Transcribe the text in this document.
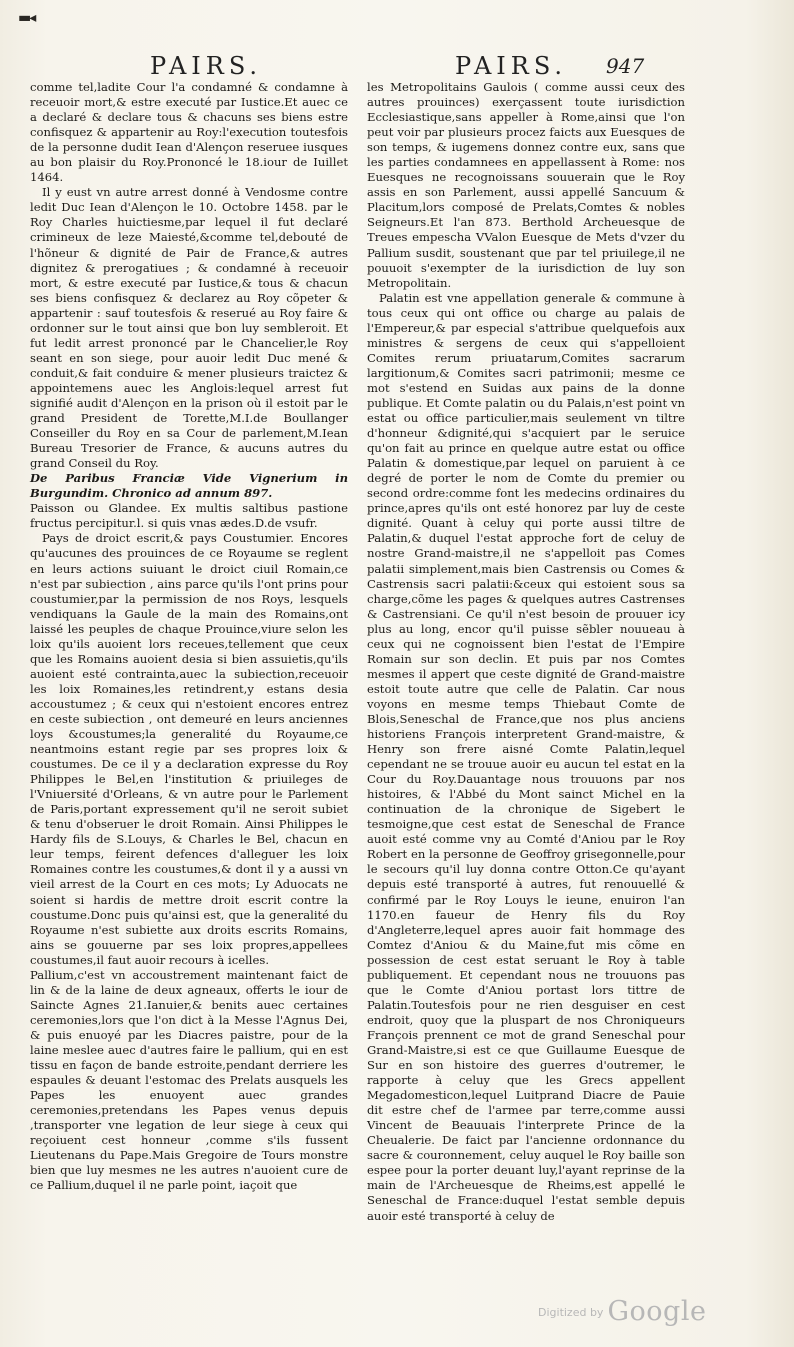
▬◂
PAIRS.	PAIRS. 947

comme tel,ladite Cour l'a condamné & condamne à receuoir mort,& estre executé par Iustice.Et auec ce a declaré & declare tous & chacuns ses biens estre confisquez & appartenir au Roy:l'execution toutesfois de la personne dudit Iean d'Alençon reseruee iusques au bon plaisir du Roy.Prononcé le 18.iour de Iuillet 1464.

Il y eust vn autre arrest donné à Vendosme contre ledit Duc Iean d'Alençon le 10. Octobre 1458. par le Roy Charles huictiesme,par lequel il fut declaré crimineux de leze Maiesté,&comme tel,debouté de l'hõneur & dignité de Pair de France,& autres dignitez & prerogatiues ; & condamné à receuoir mort, & estre executé par Iustice,& tous & chacun ses biens confisquez & declarez au Roy cõpeter & appartenir : sauf toutesfois & reserué au Roy faire & ordonner sur le tout ainsi que bon luy sembleroit. Et fut ledit arrest prononcé par le Chancelier,le Roy seant en son siege, pour auoir ledit Duc mené & conduit,& fait conduire & mener plusieurs traictez & appointemens auec les Anglois:lequel arrest fut signifié audit d'Alençon en la prison où il estoit par le grand President de Torette,M.I.de Boullanger Conseiller du Roy en sa Cour de parlement,M.Iean Bureau Tresorier de France, & aucuns autres du grand Conseil du Roy.

De Paribus Franciæ Vide Vignerium in Burgundim. Chronico ad annum 897.

Paisson ou Glandee. Ex multis saltibus pastione fructus percipitur.l. si quis vnas ædes.D.de vsufr.

Pays de droict escrit,& pays Coustumier. Encores qu'aucunes des prouinces de ce Royaume se reglent en leurs actions suiuant le droict ciuil Romain,ce n'est par subiection , ains parce qu'ils l'ont prins pour coustumier,par la permission de nos Roys, lesquels vendiquans la Gaule de la main des Romains,ont laissé les peuples de chaque Prouince,viure selon les loix qu'ils auoient lors receues,tellement que ceux que les Romains auoient desia si bien assuietis,qu'ils auoient esté contrainta,auec la subiection,receuoir les loix Romaines,les retindrent,y estans desia accoustumez ; & ceux qui n'estoient encores entrez en ceste subiection , ont demeuré en leurs anciennes loys &coustumes;la generalité du Royaume,ce neantmoins estant regie par ses propres loix & coustumes. De ce il y a declaration expresse du Roy Philippes le Bel,en l'institution & priuileges de l'Vniuersité d'Orleans, & vn autre pour le Parlement de Paris,portant expressement qu'il ne seroit subiet & tenu d'obseruer le droit Romain. Ainsi Philippes le Hardy fils de S.Louys, & Charles le Bel, chacun en leur temps, feirent defences d'alleguer les loix Romaines contre les coustumes,& dont il y a aussi vn vieil arrest de la Court en ces mots; Ly Aduocats ne soient si hardis de mettre droit escrit contre la coustume.Donc puis qu'ainsi est, que la generalité du Royaume n'est subiette aux droits escrits Romains, ains se gouuerne par ses loix propres,appellees coustumes,il faut auoir recours à icelles.

Pallium,c'est vn accoustrement maintenant faict de lin & de la laine de deux agneaux, offerts le iour de Saincte Agnes 21.Ianuier,& benits auec certaines ceremonies,lors que l'on dict à la Messe l'Agnus Dei, & puis enuoyé par les Diacres paistre, pour de la laine meslee auec d'autres faire le pallium, qui en est tissu en façon de bande estroite,pendant derriere les espaules & deuant l'estomac des Prelats ausquels les Papes les enuoyent auec grandes ceremonies,pretendans les Papes venus depuis ,transporter vne legation de leur siege à ceux qui reçoiuent cest honneur ,comme s'ils fussent Lieutenans du Pape.Mais Gregoire de Tours monstre bien que luy mesmes ne les autres n'auoient cure de ce Pallium,duquel il ne parle point, iaçoit que

les Metropolitains Gaulois ( comme aussi ceux des autres prouinces) exerçassent toute iurisdiction Ecclesiastique,sans appeller à Rome,ainsi que l'on peut voir par plusieurs procez faicts aux Euesques de son temps, & iugemens donnez contre eux, sans que les parties condamnees en appellassent à Rome: nos Euesques ne recognoissans souuerain que le Roy assis en son Parlement, aussi appellé Sancuum & Placitum,lors composé de Prelats,Comtes & nobles Seigneurs.Et l'an 873. Berthold Archeuesque de Treues empescha VValon Euesque de Mets d'vzer du Pallium susdit, soustenant que par tel priuilege,il ne pouuoit s'exempter de la iurisdiction de luy son Metropolitain.

Palatin est vne appellation generale & commune à tous ceux qui ont office ou charge au palais de l'Empereur,& par especial s'attribue quelquefois aux ministres & sergens de ceux qui s'appelloient Comites rerum priuatarum,Comites sacrarum largitionum,& Comites sacri patrimonii; mesme ce mot s'estend en Suidas aux pains de la donne publique. Et Comte palatin ou du Palais,n'est point vn estat ou office particulier,mais seulement vn tiltre d'honneur &dignité,qui s'acquiert par le seruice qu'on fait au prince en quelque autre estat ou office Palatin & domestique,par lequel on paruient à ce degré de porter le nom de Comte du premier ou second ordre:comme font les medecins ordinaires du prince,apres qu'ils ont esté honorez par luy de ceste dignité. Quant à celuy qui porte aussi tiltre de Palatin,& duquel l'estat approche fort de celuy de nostre Grand-maistre,il ne s'appelloit pas Comes palatii simplement,mais bien Castrensis ou Comes & Castrensis sacri palatii:&ceux qui estoient sous sa charge,cõme les pages & quelques autres Castrenses & Castrensiani. Ce qu'il n'est besoin de prouuer icy plus au long, encor qu'il puisse sẽbler nouueau à ceux qui ne cognoissent bien l'estat de l'Empire Romain sur son declin. Et puis par nos Comtes mesmes il appert que ceste dignité de Grand-maistre estoit toute autre que celle de Palatin. Car nous voyons en mesme temps Thiebaut Comte de Blois,Seneschal de France,que nos plus anciens historiens François interpretent Grand-maistre, & Henry son frere aisné Comte Palatin,lequel cependant ne se trouue auoir eu aucun tel estat en la Cour du Roy.Dauantage nous trouuons par nos histoires, & l'Abbé du Mont sainct Michel en la continuation de la chronique de Sigebert le tesmoigne,que cest estat de Seneschal de France auoit esté comme vny au Comté d'Aniou par le Roy Robert en la personne de Geoffroy grisegonnelle,pour le secours qu'il luy donna contre Otton.Ce qu'ayant depuis esté transporté à autres, fut renouuellé & confirmé par le Roy Louys le ieune, enuiron l'an 1170.en faueur de Henry fils du Roy d'Angleterre,lequel apres auoir fait hommage des Comtez d'Aniou & du Maine,fut mis cõme en possession de cest estat seruant le Roy à table publiquement. Et cependant nous ne trouuons pas que le Comte d'Aniou portast lors tittre de Palatin.Toutesfois pour ne rien desguiser en cest endroit, quoy que la pluspart de nos Chroniqueurs François prennent ce mot de grand Seneschal pour Grand-Maistre,si est ce que Guillaume Euesque de Sur en son histoire des guerres d'outremer, le rapporte à celuy que les Grecs appellent Megadomesticon,lequel Luitprand Diacre de Pauie dit estre chef de l'armee par terre,comme aussi Vincent de Beauuais l'interprete Prince de la Cheualerie. De faict par l'ancienne ordonnance du sacre & couronnement, celuy auquel le Roy baille son espee pour la porter deuant luy,l'ayant reprinse de la main de l'Archeuesque de Rheims,est appellé le Seneschal de France:duquel l'estat semble depuis auoir esté transporté à celuy de

$^{Digitized by}$ Google
